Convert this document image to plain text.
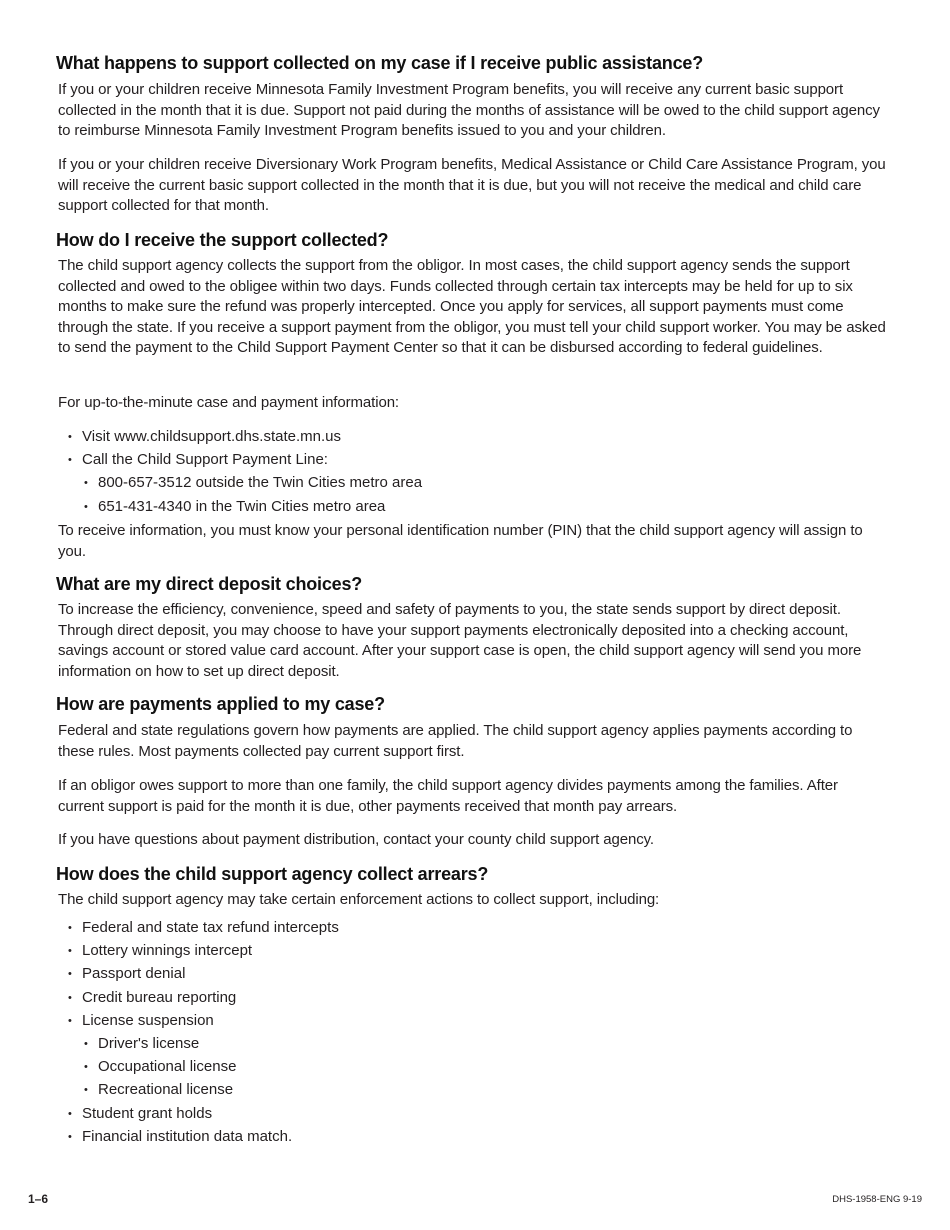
What happens to support collected on my case if I receive public assistance?

If you or your children receive Minnesota Family Investment Program benefits, you will receive any current basic support collected in the month that it is due. Support not paid during the months of assistance will be owed to the child support agency to reimburse Minnesota Family Investment Program benefits issued to you and your children.

If you or your children receive Diversionary Work Program benefits, Medical Assistance or Child Care Assistance Program, you will receive the current basic support collected in the month that it is due, but you will not receive the medical and child care support collected for that month.

How do I receive the support collected?

The child support agency collects the support from the obligor. In most cases, the child support agency sends the support collected and owed to the obligee within two days. Funds collected through certain tax intercepts may be held for up to six months to make sure the refund was properly intercepted. Once you apply for services, all support payments must come through the state. If you receive a support payment from the obligor, you must tell your child support worker. You may be asked to send the payment to the Child Support Payment Center so that it can be disbursed according to federal guidelines.

For up-to-the-minute case and payment information:

• Visit www.childsupport.dhs.state.mn.us
• Call the Child Support Payment Line:
• 800-657-3512 outside the Twin Cities metro area
• 651-431-4340 in the Twin Cities metro area

To receive information, you must know your personal identification number (PIN) that the child support agency will assign to you.

What are my direct deposit choices?

To increase the efficiency, convenience, speed and safety of payments to you, the state sends support by direct deposit. Through direct deposit, you may choose to have your support payments electronically deposited into a checking account, savings account or stored value card account. After your support case is open, the child support agency will send you more information on how to set up direct deposit.

How are payments applied to my case?

Federal and state regulations govern how payments are applied. The child support agency applies payments according to these rules. Most payments collected pay current support first.

If an obligor owes support to more than one family, the child support agency divides payments among the families. After current support is paid for the month it is due, other payments received that month pay arrears.

If you have questions about payment distribution, contact your county child support agency.

How does the child support agency collect arrears?

The child support agency may take certain enforcement actions to collect support, including:

• Federal and state tax refund intercepts
• Lottery winnings intercept
• Passport denial
• Credit bureau reporting
• License suspension
• Driver's license
• Occupational license
• Recreational license
• Student grant holds
• Financial institution data match.
1–6	DHS-1958-ENG 9-19
